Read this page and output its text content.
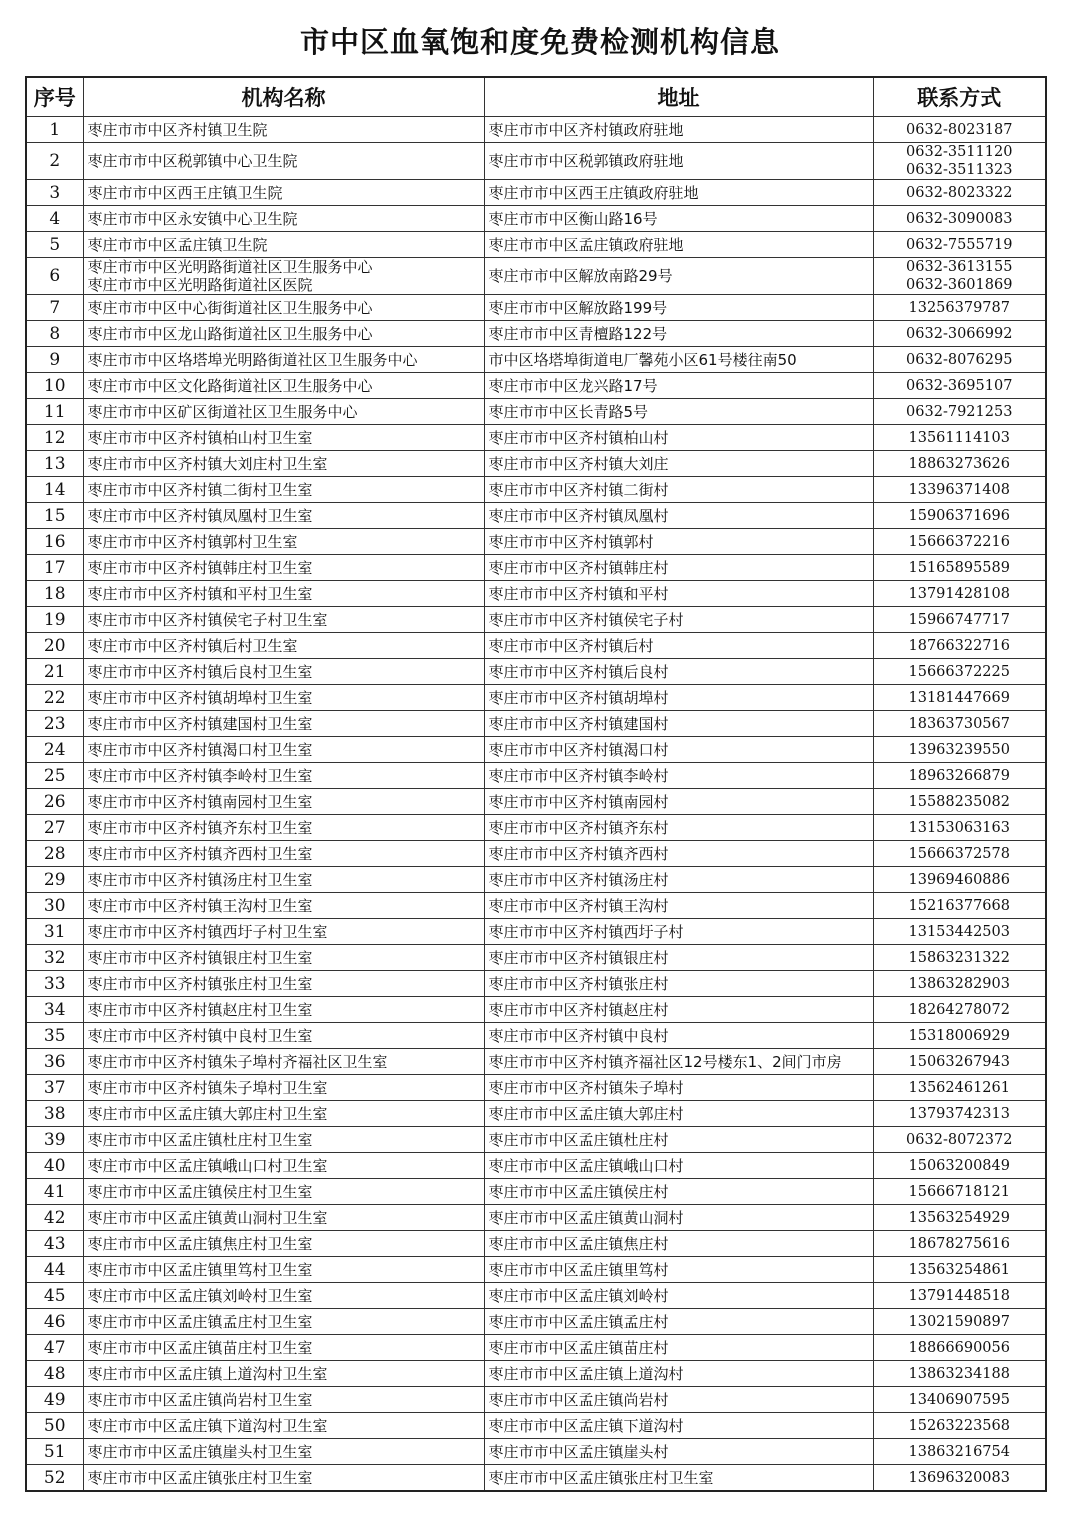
市中区血氧饱和度免费检测机构信息
序号	机构名称	地址	联系方式
1	枣庄市市中区齐村镇卫生院	枣庄市市中区齐村镇政府驻地	0632-8023187

2	枣庄市市中区税郭镇中心卫生院	枣庄市市中区税郭镇政府驻地	0632-3511120
0632-3511323

3	枣庄市市中区西王庄镇卫生院	枣庄市市中区西王庄镇政府驻地	0632-8023322

4	枣庄市市中区永安镇中心卫生院	枣庄市市中区衡山路16号	0632-3090083

5	枣庄市市中区孟庄镇卫生院	枣庄市市中区孟庄镇政府驻地	0632-7555719

6	枣庄市市中区光明路街道社区卫生服务中心
枣庄市市中区光明路街道社区医院	枣庄市市中区解放南路29号	0632-3613155
0632-3601869

7	枣庄市市中区中心街街道社区卫生服务中心	枣庄市市中区解放路199号	13256379787

8	枣庄市市中区龙山路街道社区卫生服务中心	枣庄市市中区青檀路122号	0632-3066992

9	枣庄市市中区垎塔埠光明路街道社区卫生服务中心	市中区垎塔埠街道电厂馨苑小区61号楼往南50	0632-8076295

10	枣庄市市中区文化路街道社区卫生服务中心	枣庄市市中区龙兴路17号	0632-3695107

11	枣庄市市中区矿区街道社区卫生服务中心	枣庄市市中区长青路5号	0632-7921253

12	枣庄市市中区齐村镇柏山村卫生室	枣庄市市中区齐村镇柏山村	13561114103

13	枣庄市市中区齐村镇大刘庄村卫生室	枣庄市市中区齐村镇大刘庄	18863273626

14	枣庄市市中区齐村镇二街村卫生室	枣庄市市中区齐村镇二街村	13396371408

15	枣庄市市中区齐村镇凤凰村卫生室	枣庄市市中区齐村镇凤凰村	15906371696

16	枣庄市市中区齐村镇郭村卫生室	枣庄市市中区齐村镇郭村	15666372216

17	枣庄市市中区齐村镇韩庄村卫生室	枣庄市市中区齐村镇韩庄村	15165895589

18	枣庄市市中区齐村镇和平村卫生室	枣庄市市中区齐村镇和平村	13791428108

19	枣庄市市中区齐村镇侯宅子村卫生室	枣庄市市中区齐村镇侯宅子村	15966747717

20	枣庄市市中区齐村镇后村卫生室	枣庄市市中区齐村镇后村	18766322716

21	枣庄市市中区齐村镇后良村卫生室	枣庄市市中区齐村镇后良村	15666372225

22	枣庄市市中区齐村镇胡埠村卫生室	枣庄市市中区齐村镇胡埠村	13181447669

23	枣庄市市中区齐村镇建国村卫生室	枣庄市市中区齐村镇建国村	18363730567

24	枣庄市市中区齐村镇渴口村卫生室	枣庄市市中区齐村镇渴口村	13963239550

25	枣庄市市中区齐村镇李岭村卫生室	枣庄市市中区齐村镇李岭村	18963266879

26	枣庄市市中区齐村镇南园村卫生室	枣庄市市中区齐村镇南园村	15588235082

27	枣庄市市中区齐村镇齐东村卫生室	枣庄市市中区齐村镇齐东村	13153063163

28	枣庄市市中区齐村镇齐西村卫生室	枣庄市市中区齐村镇齐西村	15666372578

29	枣庄市市中区齐村镇汤庄村卫生室	枣庄市市中区齐村镇汤庄村	13969460886

30	枣庄市市中区齐村镇王沟村卫生室	枣庄市市中区齐村镇王沟村	15216377668

31	枣庄市市中区齐村镇西圩子村卫生室	枣庄市市中区齐村镇西圩子村	13153442503

32	枣庄市市中区齐村镇银庄村卫生室	枣庄市市中区齐村镇银庄村	15863231322

33	枣庄市市中区齐村镇张庄村卫生室	枣庄市市中区齐村镇张庄村	13863282903

34	枣庄市市中区齐村镇赵庄村卫生室	枣庄市市中区齐村镇赵庄村	18264278072

35	枣庄市市中区齐村镇中良村卫生室	枣庄市市中区齐村镇中良村	15318006929

36	枣庄市市中区齐村镇朱子埠村齐福社区卫生室	枣庄市市中区齐村镇齐福社区12号楼东1、2间门市房	15063267943

37	枣庄市市中区齐村镇朱子埠村卫生室	枣庄市市中区齐村镇朱子埠村	13562461261

38	枣庄市市中区孟庄镇大郭庄村卫生室	枣庄市市中区孟庄镇大郭庄村	13793742313

39	枣庄市市中区孟庄镇杜庄村卫生室	枣庄市市中区孟庄镇杜庄村	0632-8072372

40	枣庄市市中区孟庄镇峨山口村卫生室	枣庄市市中区孟庄镇峨山口村	15063200849

41	枣庄市市中区孟庄镇侯庄村卫生室	枣庄市市中区孟庄镇侯庄村	15666718121

42	枣庄市市中区孟庄镇黄山洞村卫生室	枣庄市市中区孟庄镇黄山洞村	13563254929

43	枣庄市市中区孟庄镇焦庄村卫生室	枣庄市市中区孟庄镇焦庄村	18678275616

44	枣庄市市中区孟庄镇里笃村卫生室	枣庄市市中区孟庄镇里笃村	13563254861

45	枣庄市市中区孟庄镇刘岭村卫生室	枣庄市市中区孟庄镇刘岭村	13791448518

46	枣庄市市中区孟庄镇孟庄村卫生室	枣庄市市中区孟庄镇孟庄村	13021590897

47	枣庄市市中区孟庄镇苗庄村卫生室	枣庄市市中区孟庄镇苗庄村	18866690056

48	枣庄市市中区孟庄镇上道沟村卫生室	枣庄市市中区孟庄镇上道沟村	13863234188

49	枣庄市市中区孟庄镇尚岩村卫生室	枣庄市市中区孟庄镇尚岩村	13406907595

50	枣庄市市中区孟庄镇下道沟村卫生室	枣庄市市中区孟庄镇下道沟村	15263223568

51	枣庄市市中区孟庄镇崖头村卫生室	枣庄市市中区孟庄镇崖头村	13863216754

52	枣庄市市中区孟庄镇张庄村卫生室	枣庄市市中区孟庄镇张庄村卫生室	13696320083
